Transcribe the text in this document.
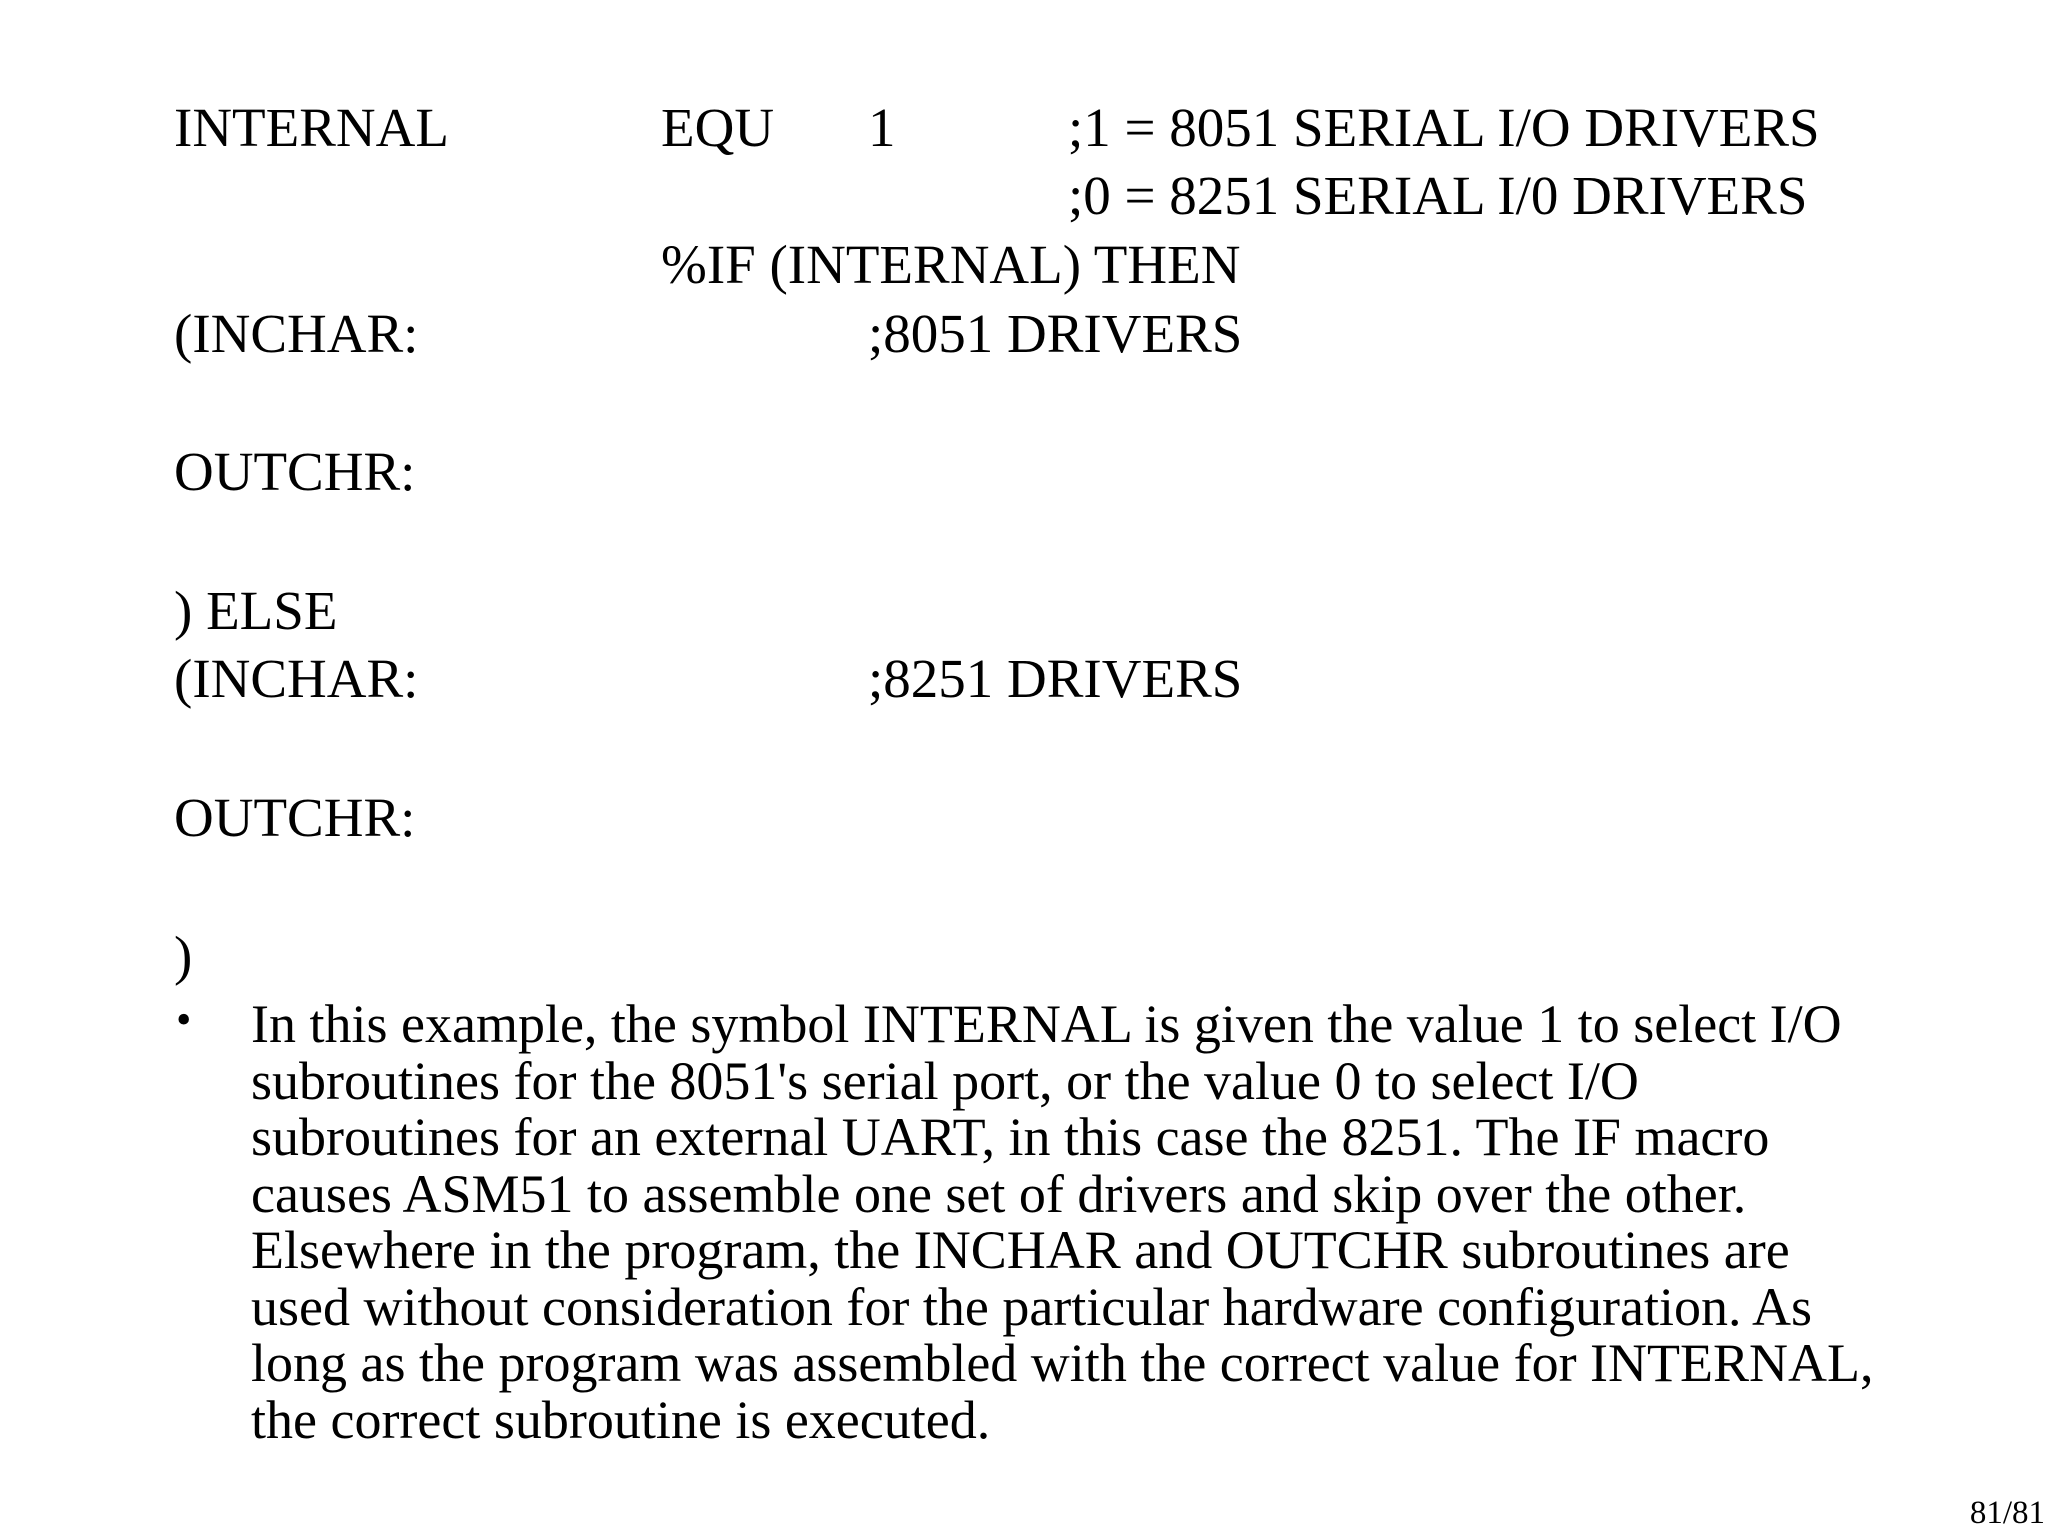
INTERNAL	EQU 1	;1 = 8051 SERIAL I/O DRIVERS
;0 = 8251 SERIAL I/0 DRIVERS
%IF (INTERNAL) THEN
(INCHAR:	;8051 DRIVERS
OUTCHR:
) ELSE
(INCHAR:	;8251 DRIVERS
OUTCHR:
)
• In this example, the symbol INTERNAL is given the value 1 to select I/O subroutines for the 8051's serial port, or the value 0 to select I/O subroutines for an external UART, in this case the 8251. The IF macro causes ASM51 to assemble one set of drivers and skip over the other. Elsewhere in the program, the INCHAR and OUTCHR subroutines are used without consideration for the particular hardware configuration. As long as the program was assembled with the correct value for INTERNAL, the correct subroutine is executed.
81/81
